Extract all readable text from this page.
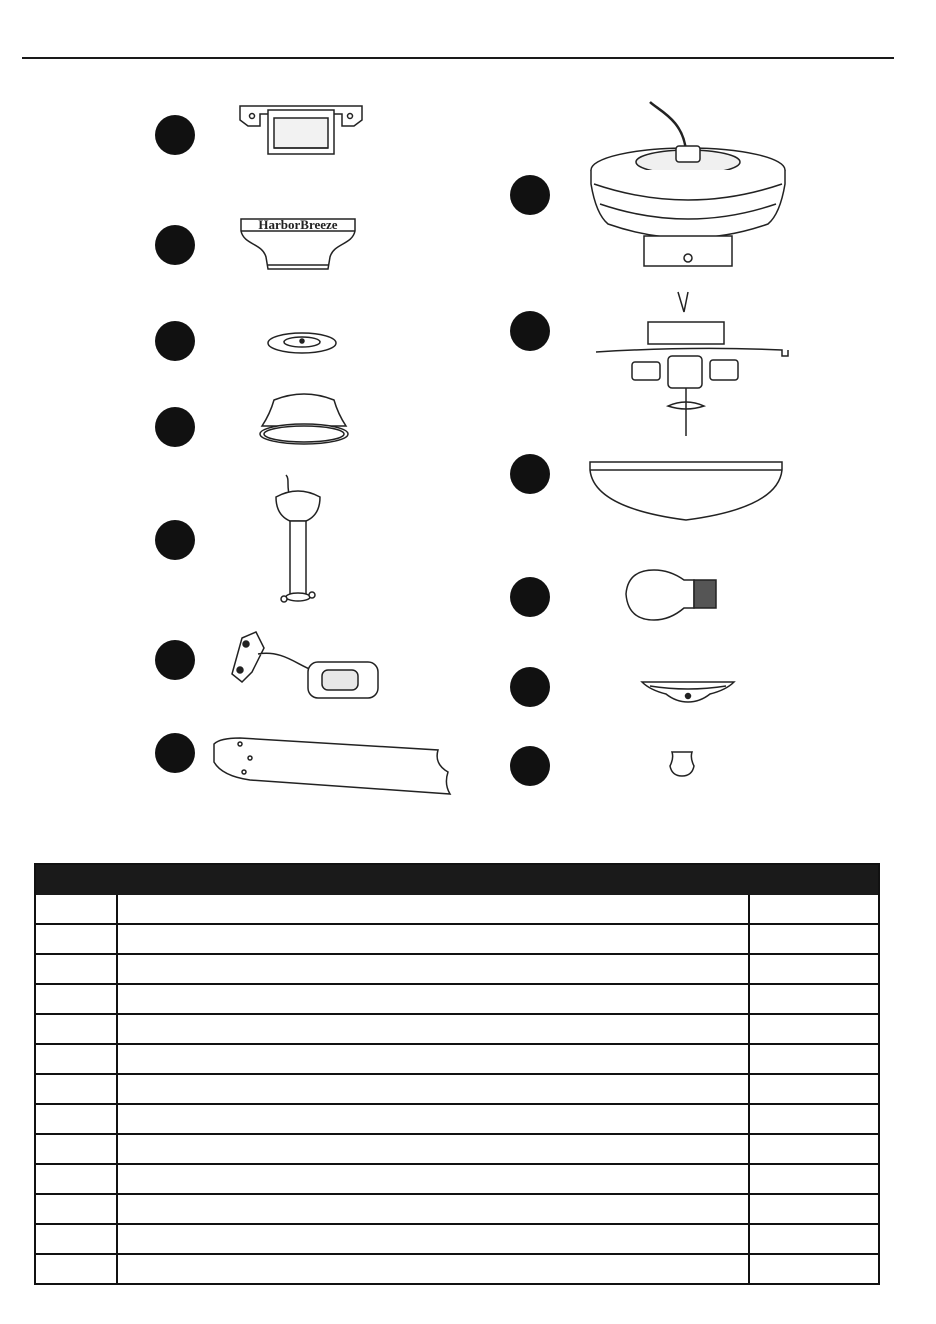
HarborBreeze
